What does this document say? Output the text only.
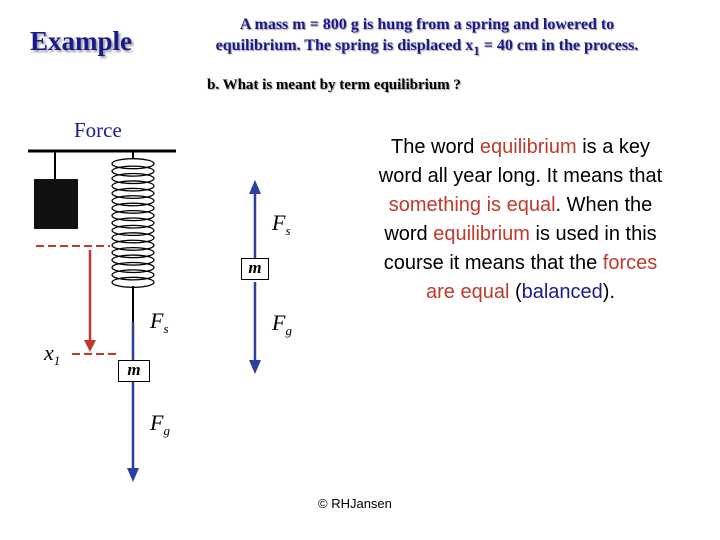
Example
A mass m = 800 g is hung from a spring and lowered to
equilibrium. The spring is displaced $x_1 = 40$ cm in the process.
b. What is meant by term equilibrium ?
Force
m
m
$F_s$
$F_g$
$F_s$
$F_g$
$x_1$
The word equilibrium is a key word all year long. It means that something is equal. When the word equilibrium is used in this course it means that the forces are equal (balanced).
© RHJansen
